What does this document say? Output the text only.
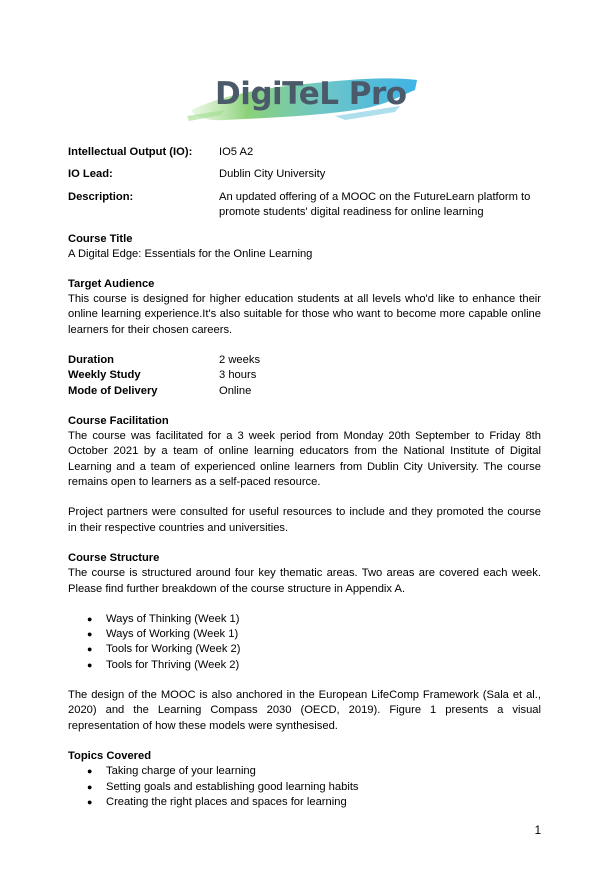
DigiTeL Pro
Intellectual Output (IO):	IO5 A2
IO Lead:	Dublin City University
Description:	An updated offering of a MOOC on the FutureLearn platform to promote students' digital readiness for online learning
Course Title
A Digital Edge: Essentials for the Online Learning
Target Audience
This course is designed for higher education students at all levels who'd like to enhance their online learning experience.It's also suitable for those who want to become more capable online learners for their chosen careers.
Duration	2 weeks
Weekly Study	3 hours
Mode of Delivery	Online
Course Facilitation
The course was facilitated for a 3 week period from Monday 20th September to Friday 8th October 2021 by a team of online learning educators from the National Institute of Digital Learning and a team of experienced online learners from Dublin City University. The course remains open to learners as a self-paced resource.
Project partners were consulted for useful resources to include and they promoted the course in their respective countries and universities.
Course Structure
The course is structured around four key thematic areas. Two areas are covered each week. Please find further breakdown of the course structure in Appendix A.
● Ways of Thinking (Week 1)
● Ways of Working (Week 1)
● Tools for Working (Week 2)
● Tools for Thriving (Week 2)
The design of the MOOC is also anchored in the European LifeComp Framework (Sala et al., 2020) and the Learning Compass 2030 (OECD, 2019). Figure 1 presents a visual representation of how these models were synthesised.
Topics Covered
● Taking charge of your learning
● Setting goals and establishing good learning habits
● Creating the right places and spaces for learning
1
